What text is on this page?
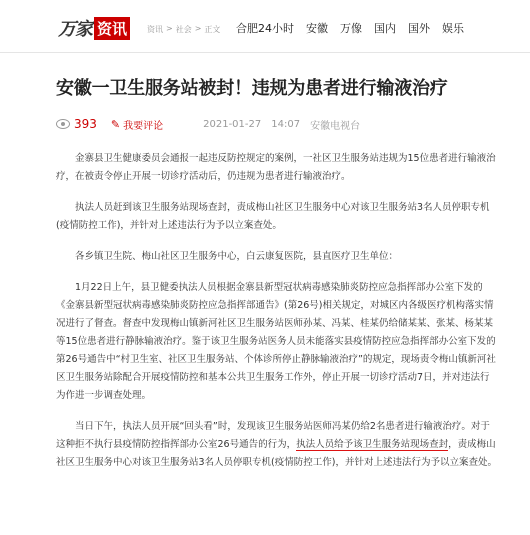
万家 资讯	资讯 > 社会 > 正文 合肥24小时 安徽 万像 国内 国外 娱乐
安徽一卫生服务站被封！违规为患者进行输液治疗
393 ✎ 我要评论	2021-01-27 14:07 安徽电视台

金寨县卫生健康委员会通报一起违反防控规定的案例，一社区卫生服务站违规为15位患者进行输液治疗，在被责令停止开展一切诊疗活动后，仍违规为患者进行输液治疗。

执法人员赶到该卫生服务站现场查封，责成梅山社区卫生服务中心对该卫生服务站3名人员停职专机(疫情防控工作)，并针对上述违法行为予以立案查处。

各乡镇卫生院、梅山社区卫生服务中心，白云康复医院，县直医疗卫生单位：

1月22日上午，县卫健委执法人员根据金寨县新型冠状病毒感染肺炎防控应急指挥部办公室下发的《金寨县新型冠状病毒感染肺炎防控应急指挥部通告》(第26号)相关规定，对城区内各级医疗机构落实情况进行了督查。督查中发现梅山镇新河社区卫生服务站医师孙某、冯某、桂某仍给储某某、张某、杨某某等15位患者进行静脉输液治疗。鉴于该卫生服务站医务人员未能落实县疫情防控应急指挥部办公室下发的第26号通告中“村卫生室、社区卫生服务站、个体诊所停止静脉输液治疗”的规定，现场责令梅山镇新河社区卫生服务站除配合开展疫情防控和基本公共卫生服务工作外，停止开展一切诊疗活动7日，并对违法行为作进一步调查处理。

当日下午，执法人员开展“回头看”时，发现该卫生服务站医师冯某仍给2名患者进行输液治疗。对于这种拒不执行县疫情防控指挥部办公室26号通告的行为，执法人员给予该卫生服务站现场查封，责成梅山社区卫生服务中心对该卫生服务站3名人员停职专机(疫情防控工作)，并针对上述违法行为予以立案查处。
